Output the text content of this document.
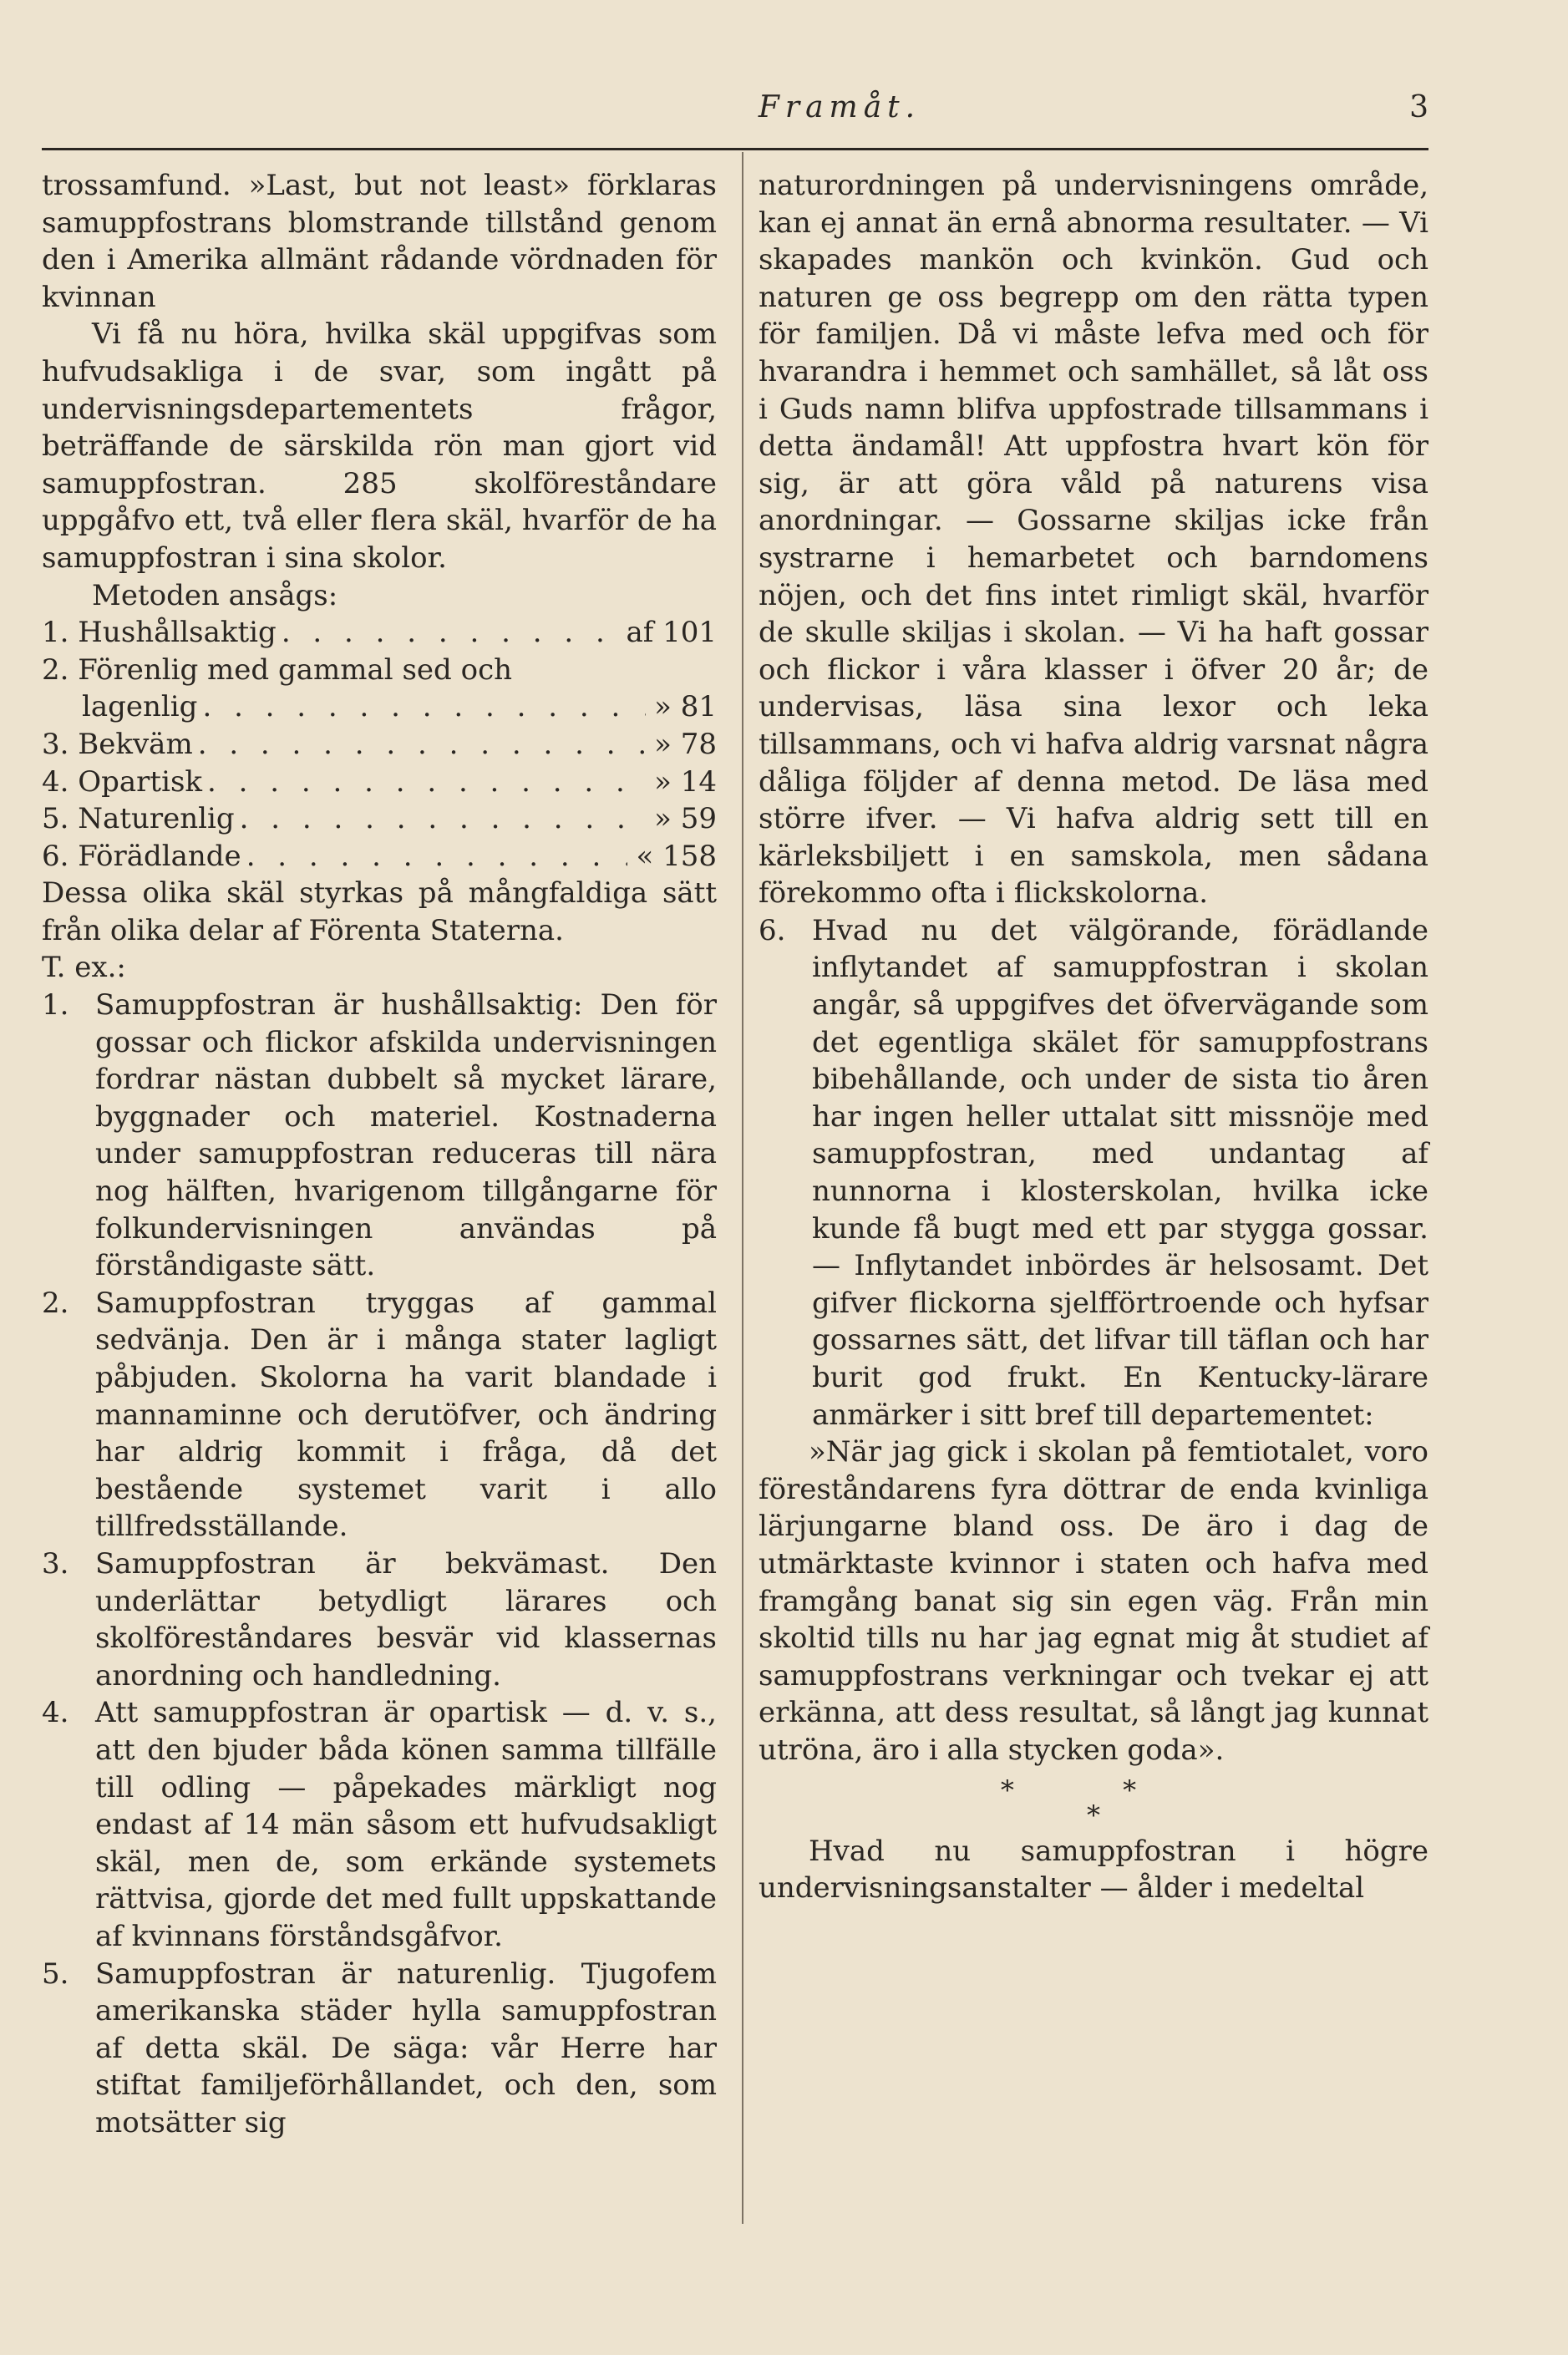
Framåt.	3
trossamfund. »Last, but not least» förklaras samuppfostrans blomstrande tillstånd genom den i Amerika allmänt rådande vördnaden för kvinnan
Vi få nu höra, hvilka skäl uppgifvas som hufvudsakliga i de svar, som ingått på undervisningsdepartementets frågor, beträffande de särskilda rön man gjort vid samuppfostran. 285 skolföreståndare uppgåfvo ett, två eller flera skäl, hvarför de ha samuppfostran i sina skolor.
Metoden ansågs:
1. Hushållsaktig . . .	af 101
2. Förenlig med gammal sed och
lagenlig . . .	» 81
3. Bekväm . . .	» 78
4. Opartisk . . .	» 14
5. Naturenlig . . .	» 59
6. Förädlande . . .	« 158
Dessa olika skäl styrkas på mångfaldiga sätt från olika delar af Förenta Staterna.
T. ex.:
1. Samuppfostran är hushållsaktig: Den för gossar och flickor afskilda undervisningen fordrar nästan dubbelt så mycket lärare, byggnader och materiel. Kostnaderna under samuppfostran reduceras till nära nog hälften, hvarigenom tillgångarne för folkundervisningen användas på förståndigaste sätt.
2. Samuppfostran tryggas af gammal sedvänja. Den är i många stater lagligt påbjuden. Skolorna ha varit blandade i mannaminne och derutöfver, och ändring har aldrig kommit i fråga, då det bestående systemet varit i allo tillfredsställande.
3. Samuppfostran är bekvämast. Den underlättar betydligt lärares och skolföreståndares besvär vid klassernas anordning och handledning.
4. Att samuppfostran är opartisk — d. v. s., att den bjuder båda könen samma tillfälle till odling — påpekades märkligt nog endast af 14 män såsom ett hufvudsakligt skäl, men de, som erkände systemets rättvisa, gjorde det med fullt uppskattande af kvinnans förståndsgåfvor.
5. Samuppfostran är naturenlig. Tjugofem amerikanska städer hylla samuppfostran af detta skäl. De säga: vår Herre har stiftat familjeförhållandet, och den, som motsätter sig
naturordningen på undervisningens område, kan ej annat än ernå abnorma resultater. — Vi skapades mankön och kvinkön. Gud och naturen ge oss begrepp om den rätta typen för familjen. Då vi måste lefva med och för hvarandra i hemmet och samhället, så låt oss i Guds namn blifva uppfostrade tillsammans i detta ändamål! Att uppfostra hvart kön för sig, är att göra våld på naturens visa anordningar. — Gossarne skiljas icke från systrarne i hemarbetet och barndomens nöjen, och det fins intet rimligt skäl, hvarför de skulle skiljas i skolan. — Vi ha haft gossar och flickor i våra klasser i öfver 20 år; de undervisas, läsa sina lexor och leka tillsammans, och vi hafva aldrig varsnat några dåliga följder af denna metod. De läsa med större ifver. — Vi hafva aldrig sett till en kärleksbiljett i en samskola, men sådana förekommo ofta i flickskolorna.
6. Hvad nu det välgörande, förädlande inflytandet af samuppfostran i skolan angår, så uppgifves det öfvervägande som det egentliga skälet för samuppfostrans bibehållande, och under de sista tio åren har ingen heller uttalat sitt missnöje med samuppfostran, med undantag af nunnorna i klosterskolan, hvilka icke kunde få bugt med ett par stygga gossar. — Inflytandet inbördes är helsosamt. Det gifver flickorna sjelfförtroende och hyfsar gossarnes sätt, det lifvar till täflan och har burit god frukt. En Kentucky-lärare anmärker i sitt bref till departementet:
»När jag gick i skolan på femtiotalet, voro föreståndarens fyra döttrar de enda kvinliga lärjungarne bland oss. De äro i dag de utmärktaste kvinnor i staten och hafva med framgång banat sig sin egen väg. Från min skoltid tills nu har jag egnat mig åt studiet af samuppfostrans verkningar och tvekar ej att erkänna, att dess resultat, så långt jag kunnat utröna, äro i alla stycken goda».
* *
*
Hvad nu samuppfostran i högre undervisningsanstalter — ålder i medeltal
